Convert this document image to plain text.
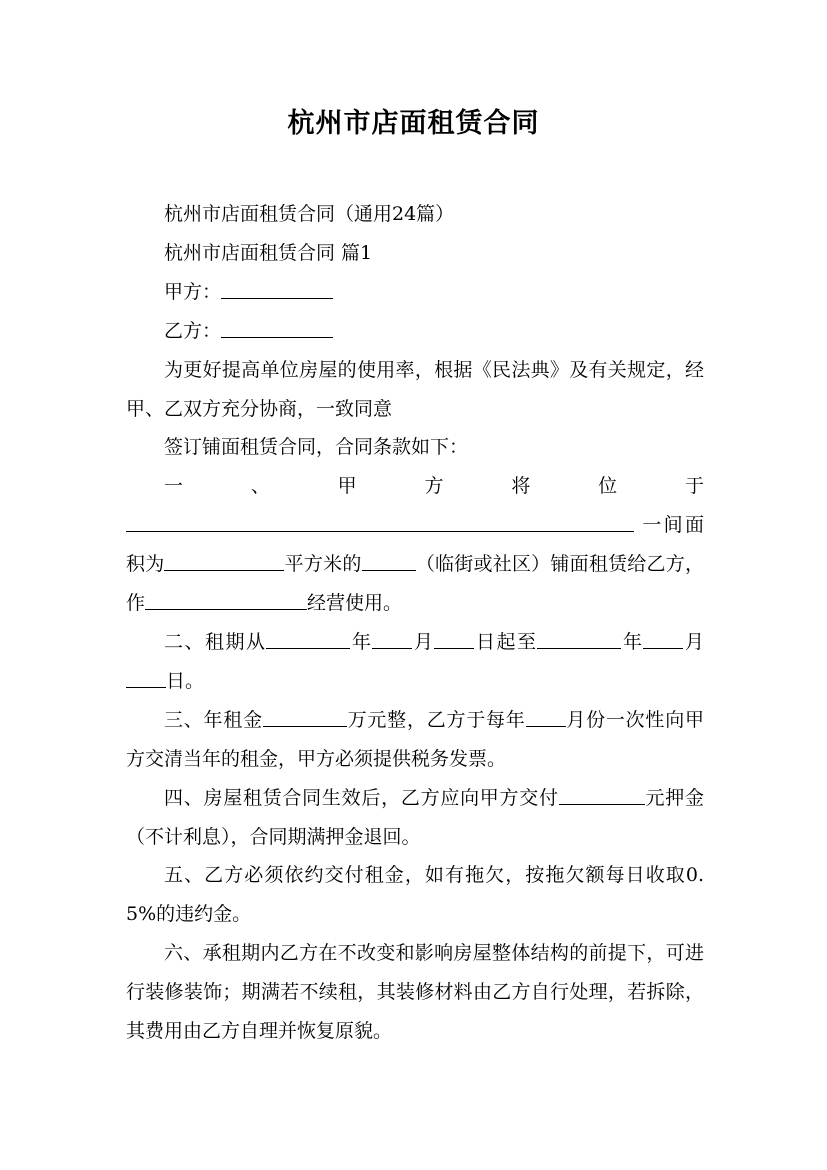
杭州市店面租赁合同

杭州市店面租赁合同（通用24篇）

杭州市店面租赁合同 篇1

甲方：

乙方：

为更好提高单位房屋的使用率，根据《民法典》及有关规定，经甲、乙双方充分协商，一致同意

签订铺面租赁合同，合同条款如下：

一、甲方将位于

一间面积为	平方米的	（临街或社区）铺面租赁给乙方，作	经营使用。

二、租期从	年 月 日起至	年 月日。

三、年租金	万元整，乙方于每年 月份一次性向甲方交清当年的租金，甲方必须提供税务发票。

四、房屋租赁合同生效后，乙方应向甲方交付	元押金（不计利息），合同期满押金退回。

五、乙方必须依约交付租金，如有拖欠，按拖欠额每日收取0.5%的违约金。

六、承租期内乙方在不改变和影响房屋整体结构的前提下，可进行装修装饰；期满若不续租，其装修材料由乙方自行处理，若拆除，其费用由乙方自理并恢复原貌。
